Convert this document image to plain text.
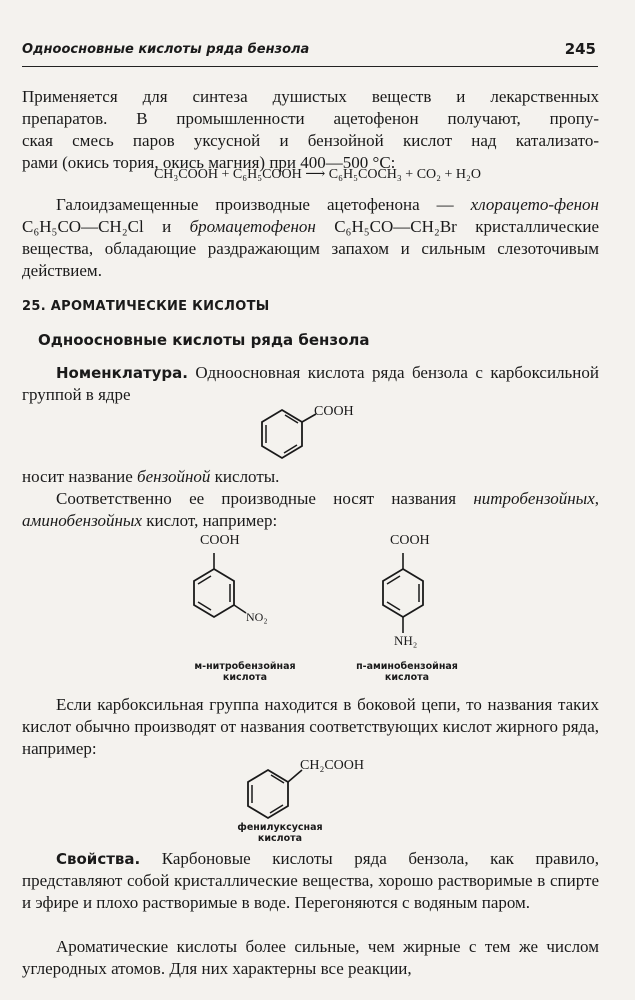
Одноосновные кислоты ряда бензола	245
Применяется для синтеза душистых веществ и лекарственных
препаратов. В промышленности ацетофенон получают, пропу-
ская смесь паров уксусной и бензойной кислот над катализато-
рами (окись тория, окись магния) при 400—500 °С:
CH₃COOH + C₆H₅COOH ⟶ C₆H₅COCH₃ + CO₂ + H₂O

Галоидзамещенные производные ацетофенона — хлорацето-фенон C₆H₅CO—CH₂Cl и бромацетофенон C₆H₅CO—CH₂Br кристаллические вещества, обладающие раздражающим запахом и сильным слезоточивым действием.

25. АРОМАТИЧЕСКИЕ КИСЛОТЫ
Одноосновные кислоты ряда бензола

Номенклатура. Одноосновная кислота ряда бензола с карбоксильной группой в ядре

COOH

носит название бензойной кислоты.

Соответственно ее производные носят названия нитробензойных, аминобензойных кислот, например:

COOH
NO₂
м-нитробензойная
кислота
COOH
NH₂
п-аминобензойная
кислота

Если карбоксильная группа находится в боковой цепи, то названия таких кислот обычно производят от названия соответствующих кислот жирного ряда, например:

CH₂COOH
фенилуксусная
кислота

Свойства. Карбоновые кислоты ряда бензола, как правило, представляют собой кристаллические вещества, хорошо растворимые в спирте и эфире и плохо растворимые в воде. Перегоняются с водяным паром.

Ароматические кислоты более сильные, чем жирные с тем же числом углеродных атомов. Для них характерны все реакции,
